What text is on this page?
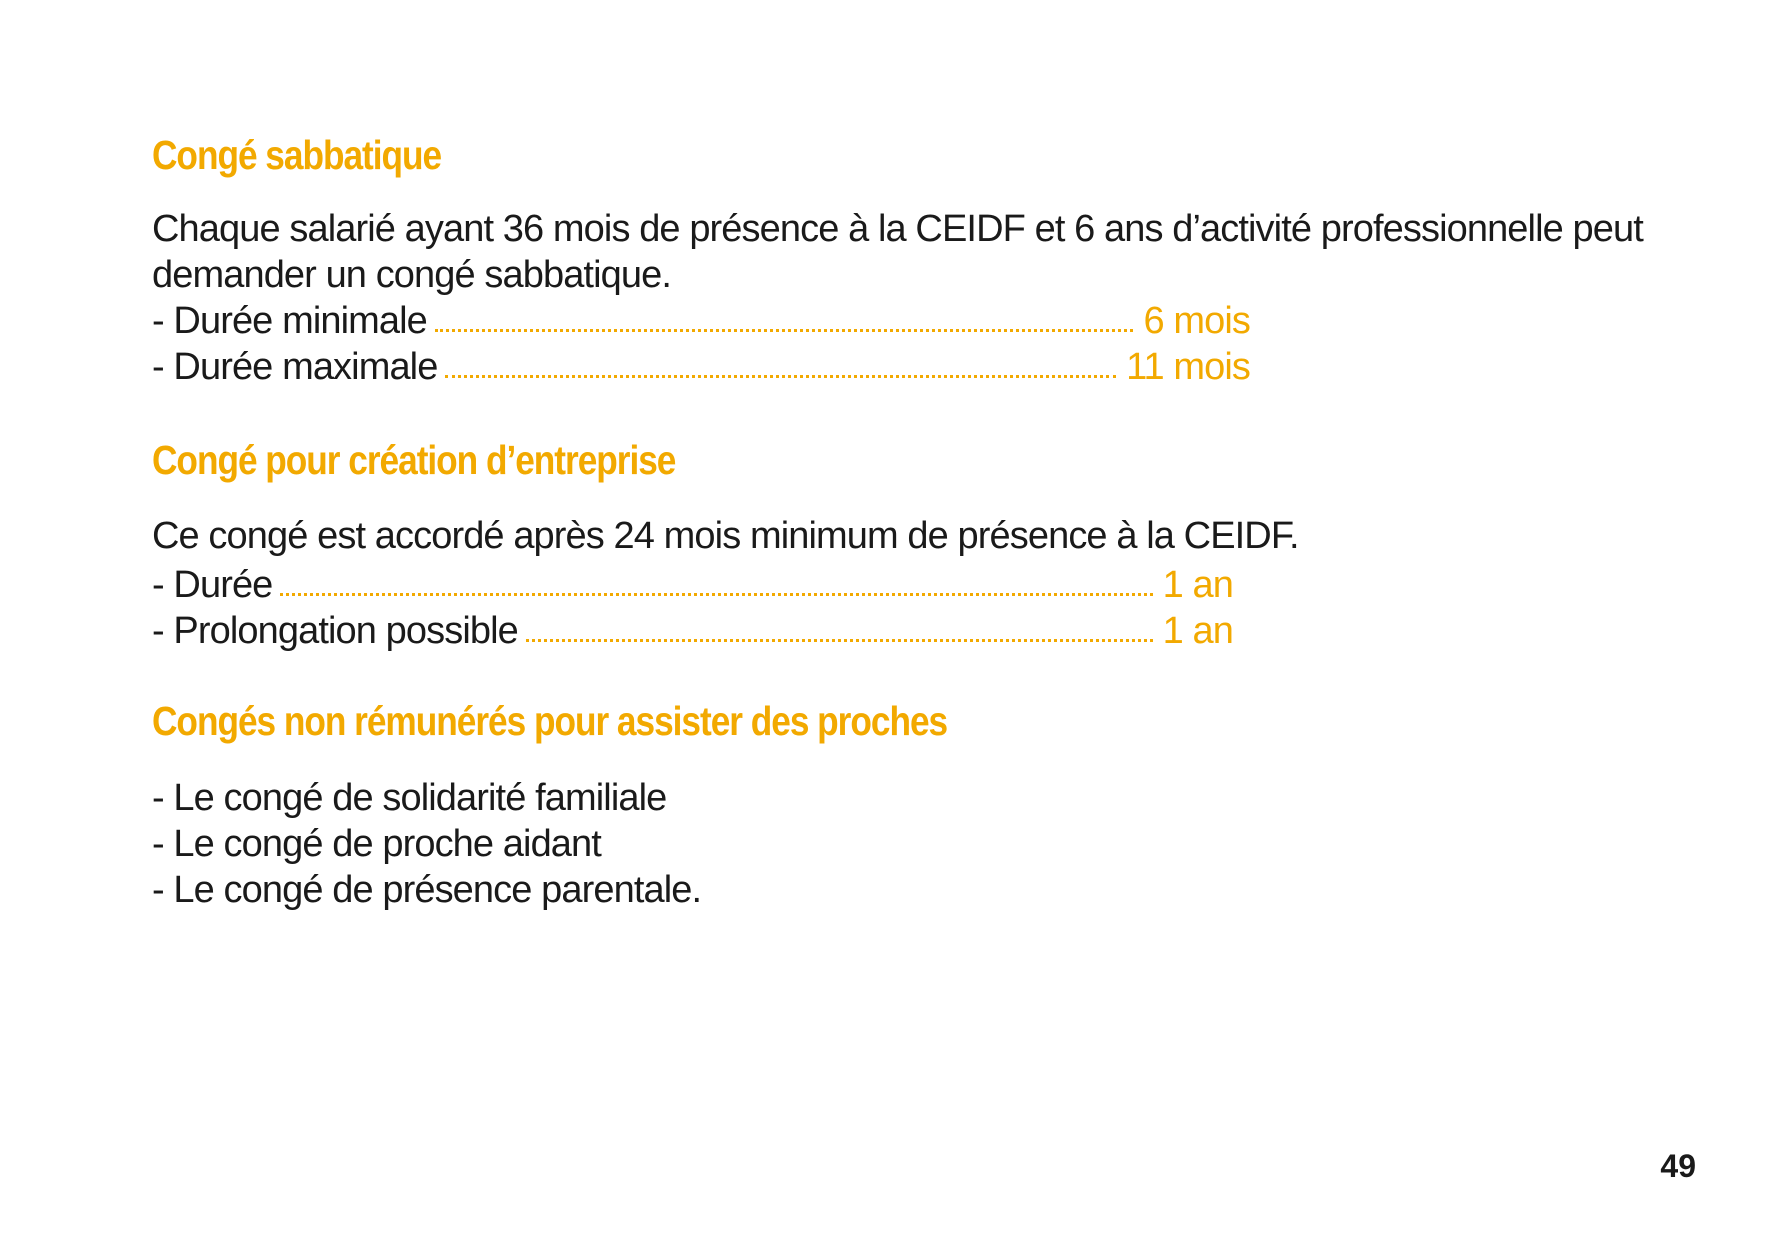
Congé sabbatique

Chaque salarié ayant 36 mois de présence à la CEIDF et 6 ans d’activité professionnelle peut

demander un congé sabbatique.

- Durée minimale	6 mois
- Durée maximale	11 mois
Congé pour création d’entreprise

Ce congé est accordé après 24 mois minimum de présence à la CEIDF.

- Durée	1 an
- Prolongation possible	1 an
Congés non rémunérés pour assister des proches

- Le congé de solidarité familiale

- Le congé de proche aidant

- Le congé de présence parentale.

49
